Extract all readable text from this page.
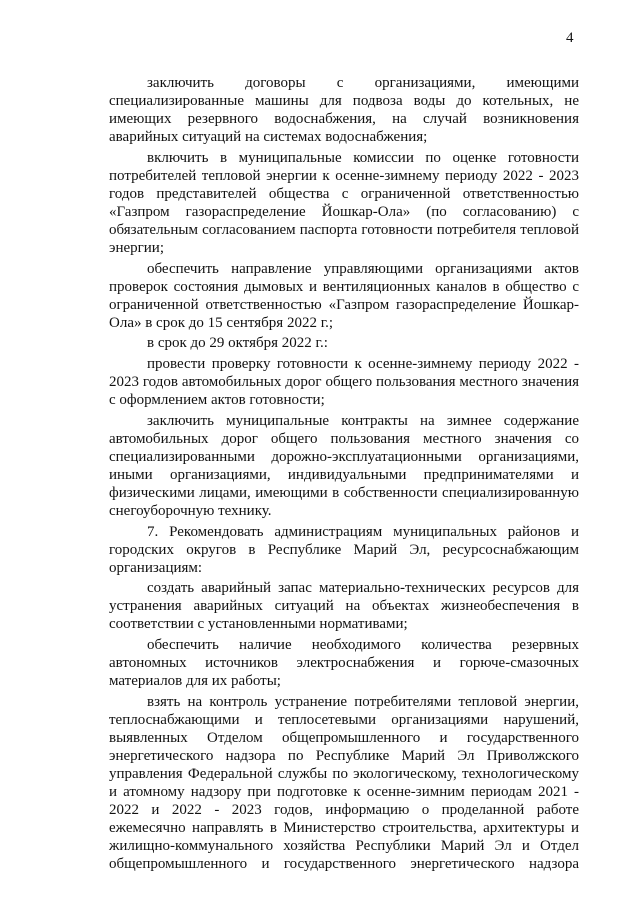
4

заключить договоры с организациями, имеющими специализированные машины для подвоза воды до котельных, не имеющих резервного водоснабжения, на случай возникновения аварийных ситуаций на системах водоснабжения;

включить в муниципальные комиссии по оценке готовности потребителей тепловой энергии к осенне-зимнему периоду 2022 - 2023 годов представителей общества с ограниченной ответственностью «Газпром газораспределение Йошкар-Ола» (по согласованию) с обязательным согласованием паспорта готовности потребителя тепловой энергии;

обеспечить направление управляющими организациями актов проверок состояния дымовых и вентиляционных каналов в общество с ограниченной ответственностью «Газпром газораспределение Йошкар-Ола» в срок до 15 сентября 2022 г.;

в срок до 29 октября 2022 г.:

провести проверку готовности к осенне-зимнему периоду 2022 - 2023 годов автомобильных дорог общего пользования местного значения с оформлением актов готовности;

заключить муниципальные контракты на зимнее содержание автомобильных дорог общего пользования местного значения со специализированными дорожно-эксплуатационными организациями, иными организациями, индивидуальными предпринимателями и физическими лицами, имеющими в собственности специализированную снегоуборочную технику.

7. Рекомендовать администрациям муниципальных районов и городских округов в Республике Марий Эл, ресурсоснабжающим организациям:

создать аварийный запас материально-технических ресурсов для устранения аварийных ситуаций на объектах жизнеобеспечения в соответствии с установленными нормативами;

обеспечить наличие необходимого количества резервных автономных источников электроснабжения и горюче-смазочных материалов для их работы;

взять на контроль устранение потребителями тепловой энергии, теплоснабжающими и теплосетевыми организациями нарушений, выявленных Отделом общепромышленного и государственного энергетического надзора по Республике Марий Эл Приволжского управления Федеральной службы по экологическому, технологическому и атомному надзору при подготовке к осенне-зимним периодам 2021 - 2022 и 2022 - 2023 годов, информацию о проделанной работе ежемесячно направлять в Министерство строительства, архитектуры и жилищно-коммунального хозяйства Республики Марий Эл и Отдел общепромышленного и государственного энергетического надзора
